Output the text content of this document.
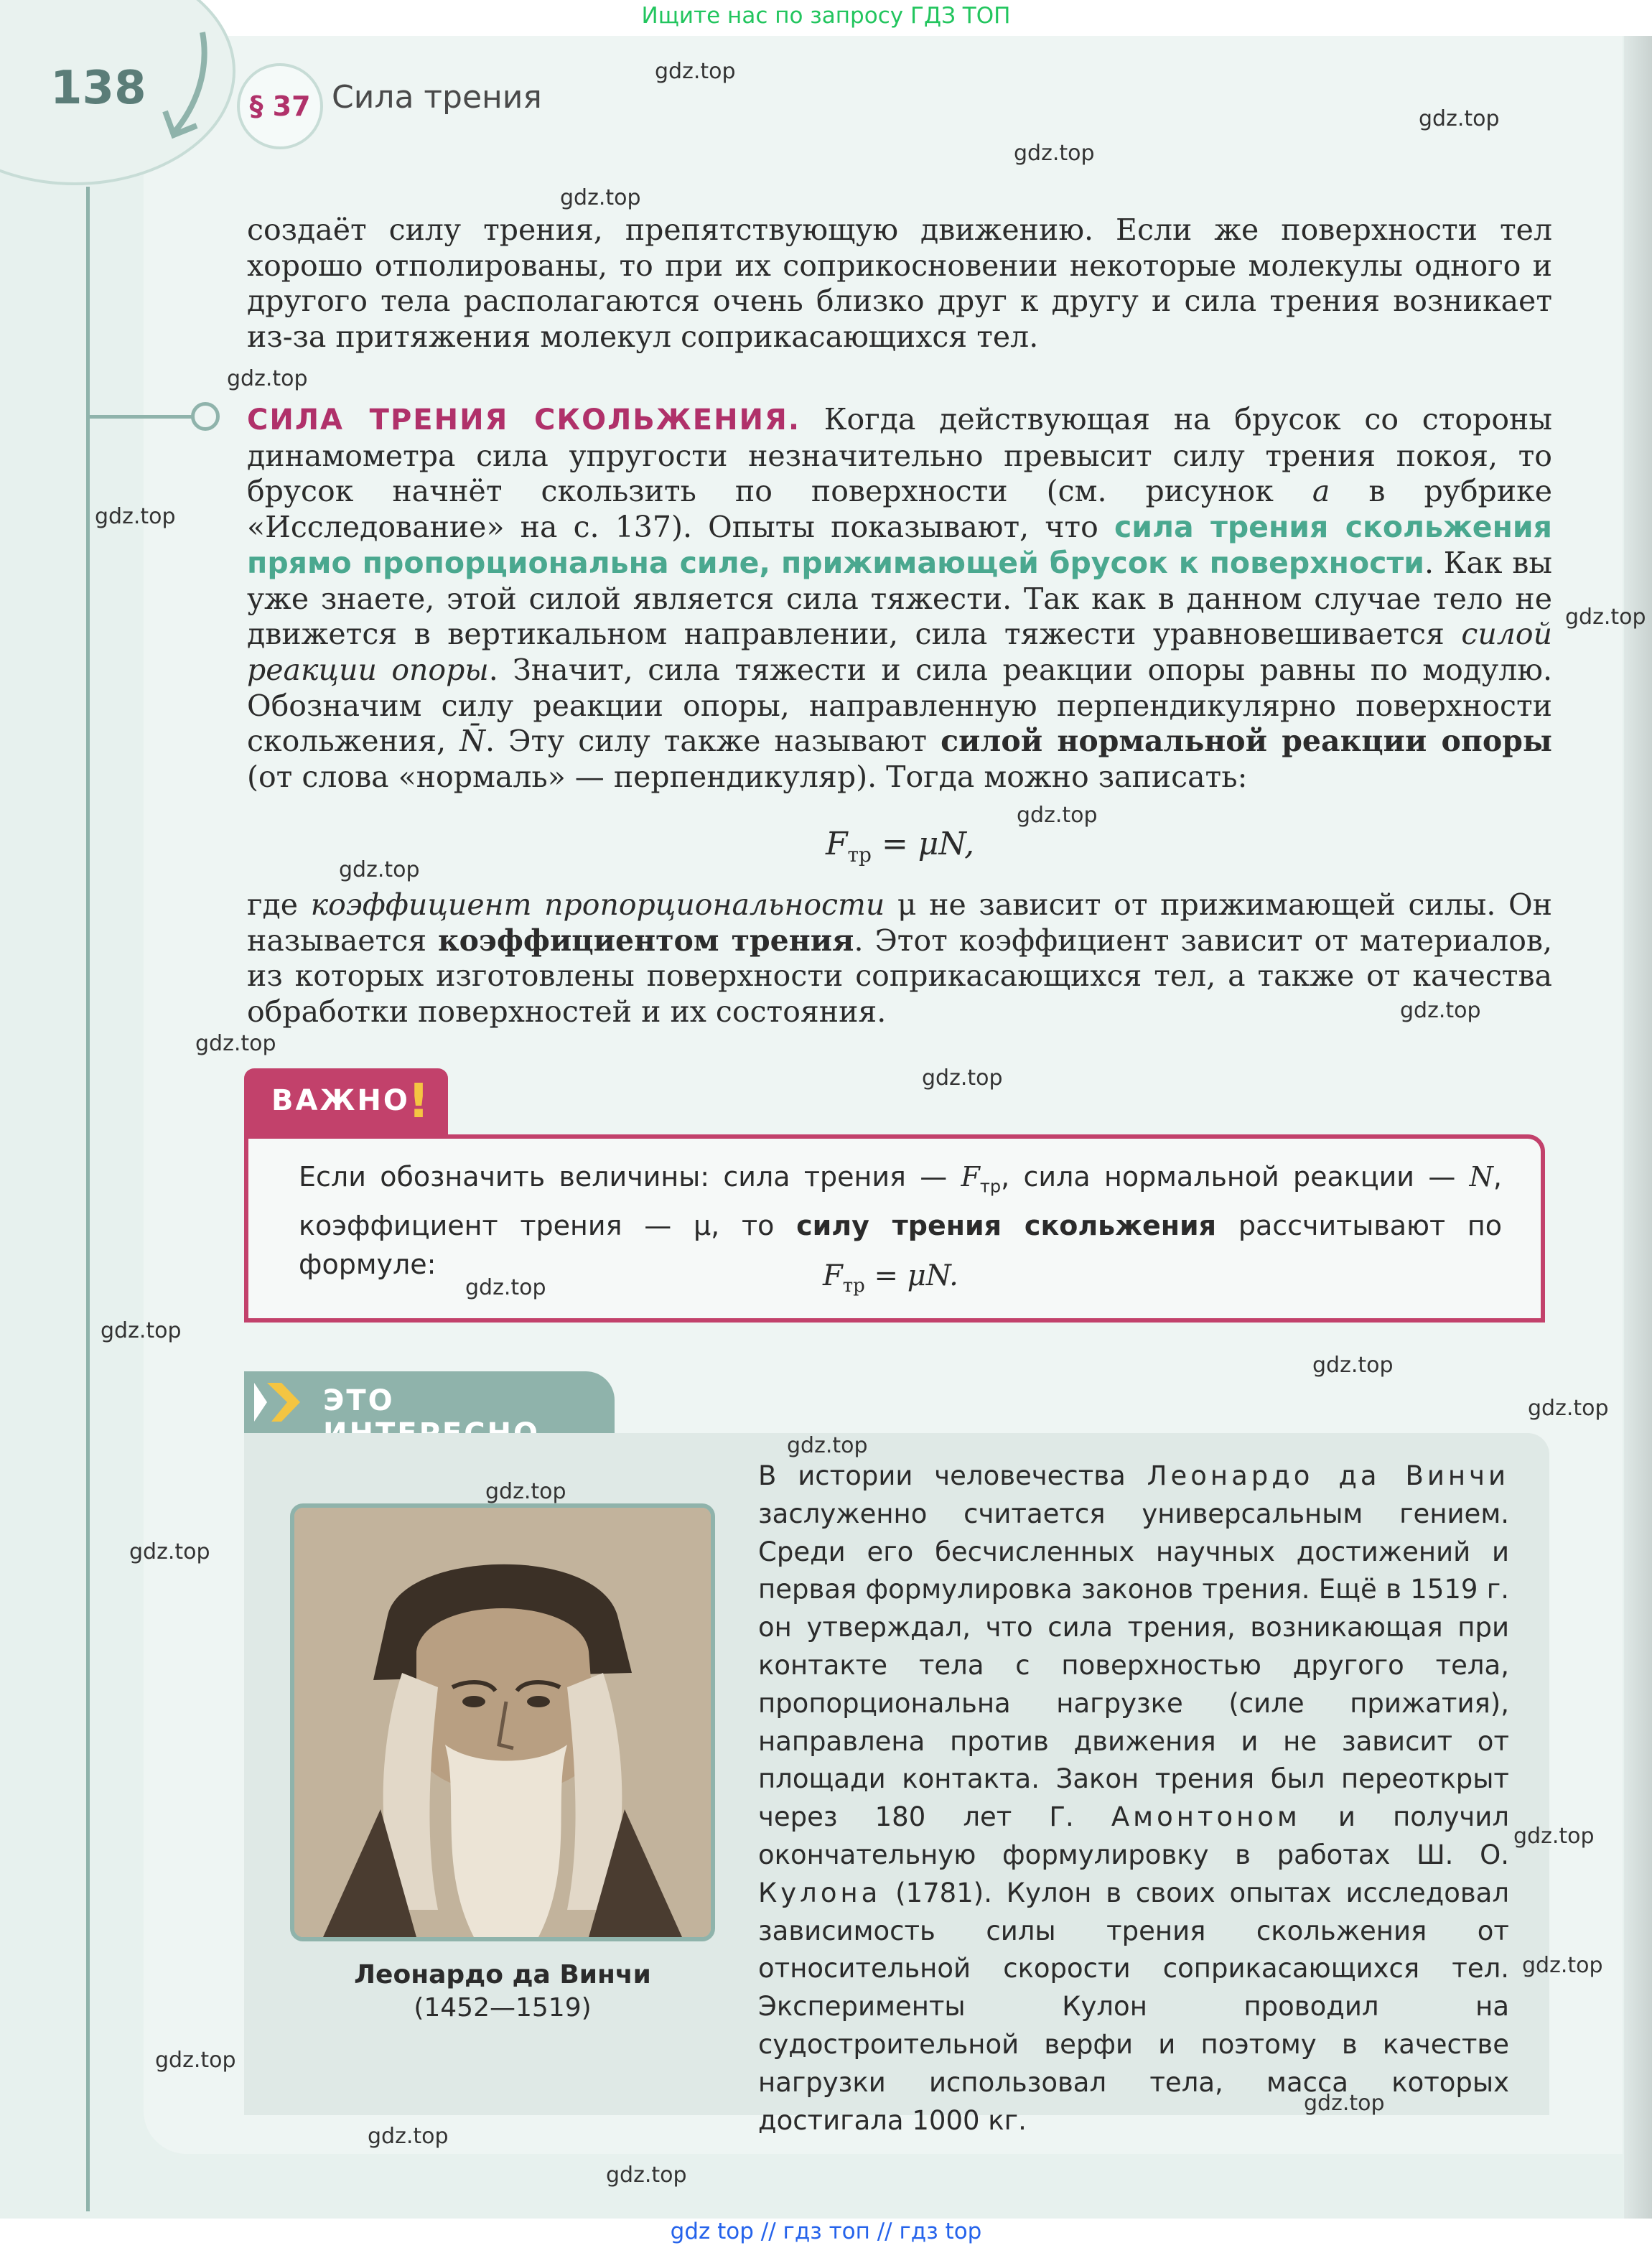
Ищите нас по запросу ГДЗ ТОП
138	§ 37 Сила трения
создаёт силу трения, препятствующую движению. Если же поверхности тел хорошо отполированы, то при их соприкосновении некоторые молекулы одного и другого тела располагаются очень близко друг к другу и сила трения возникает из-за притяжения молекул соприкасающихся тел.
СИЛА ТРЕНИЯ СКОЛЬЖЕНИЯ. Когда действующая на брусок со стороны динамометра сила упругости незначительно превысит силу трения покоя, то брусок начнёт скользить по поверхности (см. рисунок а в рубрике «Исследование» на с. 137). Опыты показывают, что сила трения скольжения прямо пропорциональна силе, прижимающей брусок к поверхности. Как вы уже знаете, этой силой является сила тяжести. Так как в данном случае тело не движется в вертикальном направлении, сила тяжести уравновешивается силой реакции опоры. Значит, сила тяжести и сила реакции опоры равны по модулю. Обозначим силу реакции опоры, направленную перпендикулярно поверхности скольжения, N̄. Эту силу также называют силой нормальной реакции опоры (от слова «нормаль» — перпендикуляр). Тогда можно записать:
$F_{тр} = \mu N$,
где коэффициент пропорциональности μ не зависит от прижимающей силы. Он называется коэффициентом трения. Этот коэффициент зависит от материалов, из которых изготовлены поверхности соприкасающихся тел, а также от качества обработки поверхностей и их состояния.
ВАЖНО
!
Если обозначить величины: сила трения — $F_{тр}$, сила нормальной реакции — N, коэффициент трения — μ, то силу трения скольжения рассчитывают по формуле:	$F_{тр} = \mu N$.
ЭТО
Леонардо да Винчи
(1452—1519)
В истории человечества Леонардо да Винчи заслуженно считается универсальным гением. Среди его бесчисленных научных достижений и первая формулировка законов трения. Ещё в 1519 г. он утверждал, что сила трения, возникающая при контакте тела с поверхностью другого тела, пропорциональна нагрузке (силе прижатия), направлена против движения и не зависит от площади контакта. Закон трения был переоткрыт через 180 лет Г. Амонтоном и получил окончательную формулировку в работах Ш. О. Кулона (1781). Кулон в своих опытах исследовал зависимость силы трения скольжения от относительной скорости соприкасающихся тел. Эксперименты Кулон проводил на судостроительной верфи и поэтому в качестве нагрузки использовал тела, масса которых достигала 1000 кг.
gdz.top
gdz.top
gdz.top
gdz.top
gdz.top
gdz.top
gdz.top
gdz.top
gdz.top
gdz.top
gdz.top
gdz.top
gdz.top
gdz.top
gdz.top
gdz.top
gdz.top
gdz.top
gdz.top
gdz.top
gdz.top
gdz.top
gdz.top
gdz.top
gdz.top
gdz top // гдз топ // гдз top
